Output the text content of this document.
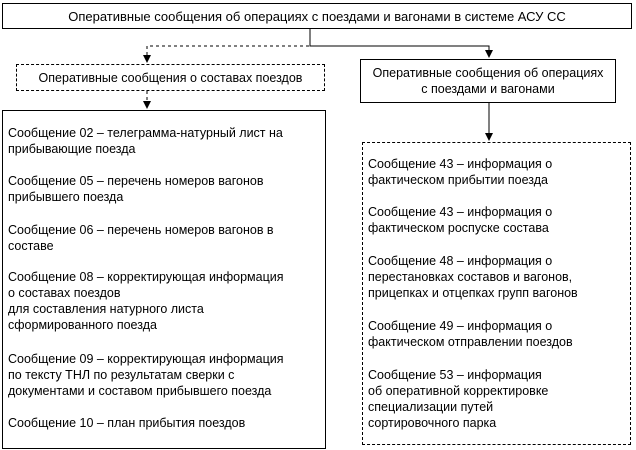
Оперативные сообщения об операциях с поездами и вагонами в системе АСУ СС
Оперативные сообщения о составах поездов	Оперативные сообщения об операциях
с поездами и вагонами
Сообщение 02 – телеграмма-натурный лист на
прибывающие поезда
Сообщение 05 – перечень номеров вагонов
прибывшего поезда
Сообщение 06 – перечень номеров вагонов в
составе
Сообщение 08 – корректирующая информация
о составах поездов
для составления натурного листа
сформированного поезда
Сообщение 09 – корректирующая информация
по тексту ТНЛ по результатам сверки с
документами и составом прибывшего поезда
Сообщение 10 – план прибытия поездов
Сообщение 43 – информация о
фактическом прибытии поезда
Сообщение 43 – информация о
фактическом роспуске состава
Сообщение 48 – информация о
перестановках составов и вагонов,
прицепках и отцепках групп вагонов
Сообщение 49 – информация о
фактическом отправлении поездов
Сообщение 53 – информация
об оперативной корректировке
специализации путей
сортировочного парка
